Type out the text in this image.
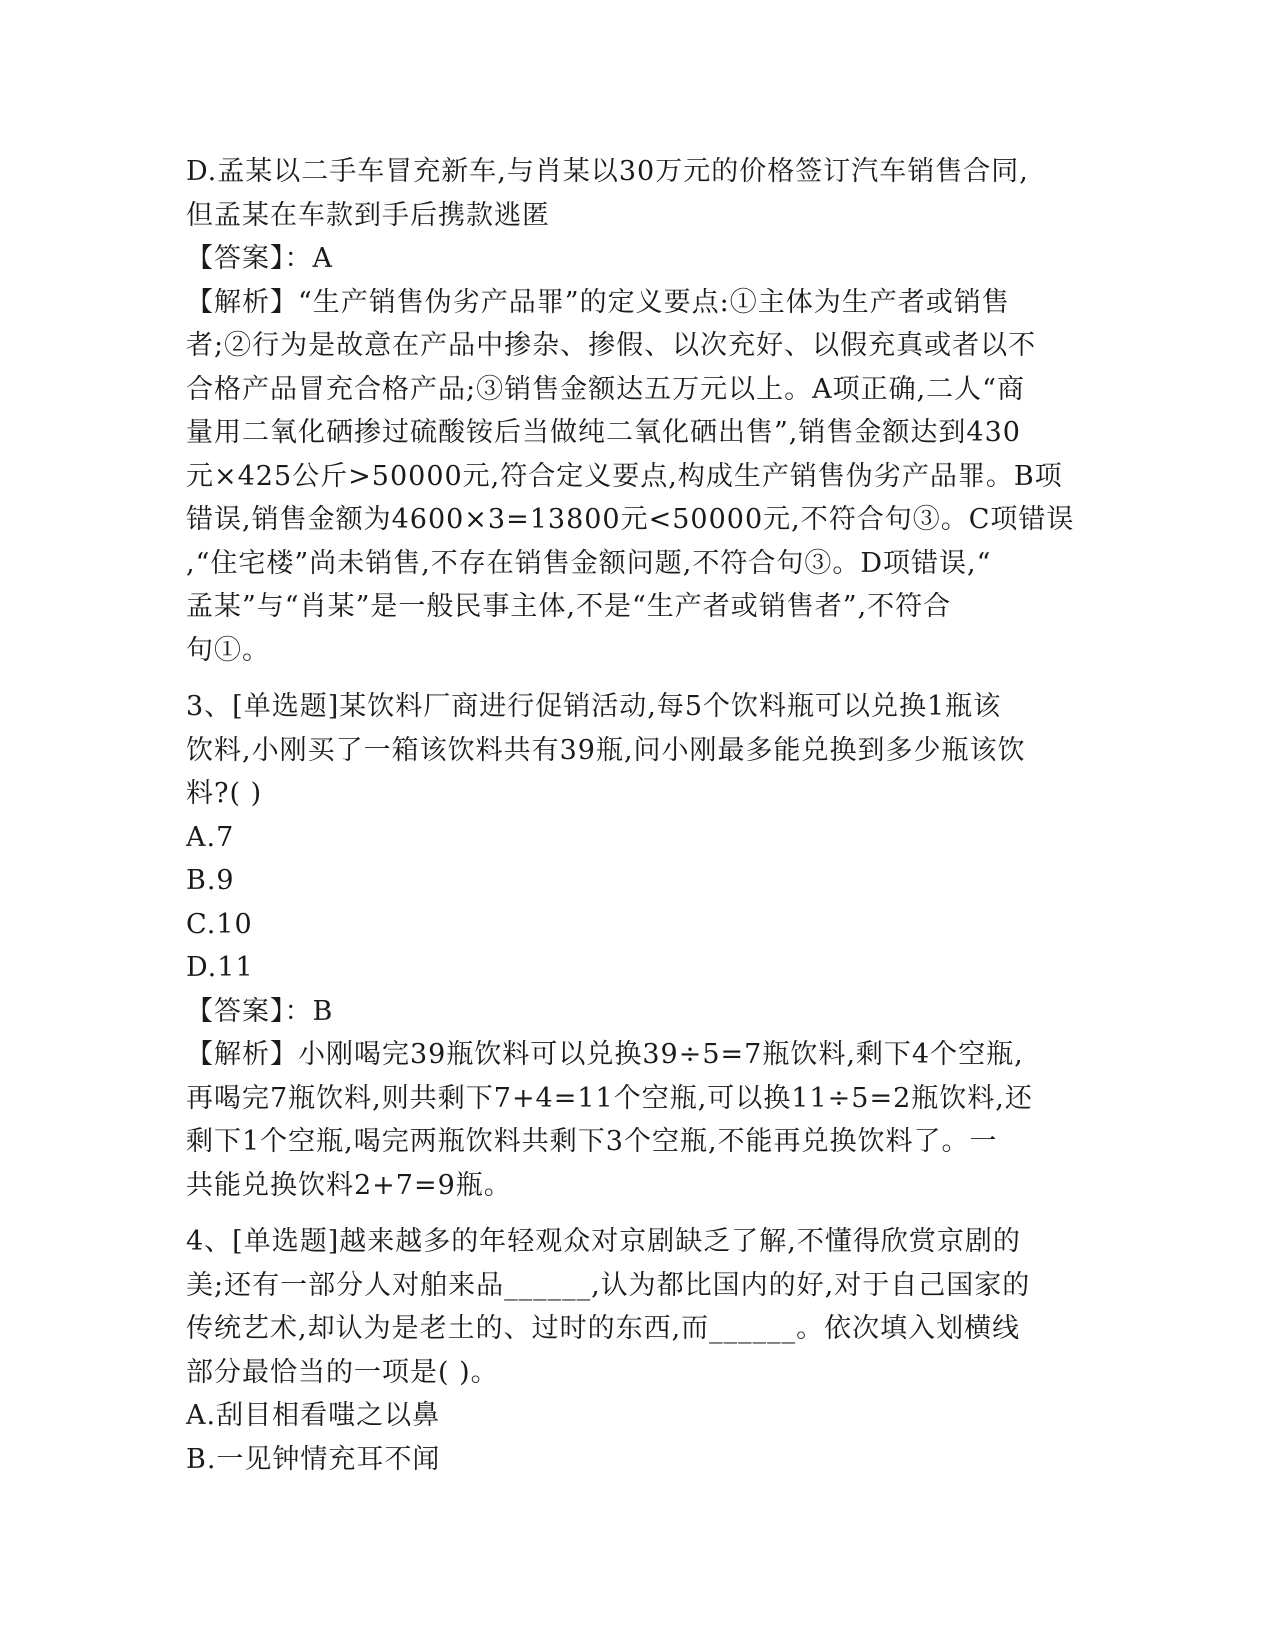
D.孟某以二手车冒充新车,与肖某以30万元的价格签订汽车销售合同,
但孟某在车款到手后携款逃匿
【答案】：A
【解析】“生产销售伪劣产品罪”的定义要点:①主体为生产者或销售
者;②行为是故意在产品中掺杂、掺假、以次充好、以假充真或者以不
合格产品冒充合格产品;③销售金额达五万元以上。A项正确,二人“商
量用二氧化硒掺过硫酸铵后当做纯二氧化硒出售”,销售金额达到430
元×425公斤>50000元,符合定义要点,构成生产销售伪劣产品罪。B项
错误,销售金额为4600×3=13800元<50000元,不符合句③。C项错误
,“住宅楼”尚未销售,不存在销售金额问题,不符合句③。D项错误,“
孟某”与“肖某”是一般民事主体,不是“生产者或销售者”,不符合
句①。
3、[单选题]某饮料厂商进行促销活动,每5个饮料瓶可以兑换1瓶该
饮料,小刚买了一箱该饮料共有39瓶,问小刚最多能兑换到多少瓶该饮
料?( )
A.7
B.9
C.10
D.11
【答案】：B
【解析】小刚喝完39瓶饮料可以兑换39÷5=7瓶饮料,剩下4个空瓶,
再喝完7瓶饮料,则共剩下7+4=11个空瓶,可以换11÷5=2瓶饮料,还
剩下1个空瓶,喝完两瓶饮料共剩下3个空瓶,不能再兑换饮料了。一
共能兑换饮料2+7=9瓶。
4、[单选题]越来越多的年轻观众对京剧缺乏了解,不懂得欣赏京剧的
美;还有一部分人对舶来品______,认为都比国内的好,对于自己国家的
传统艺术,却认为是老土的、过时的东西,而______。依次填入划横线
部分最恰当的一项是( )。
A.刮目相看嗤之以鼻
B.一见钟情充耳不闻
